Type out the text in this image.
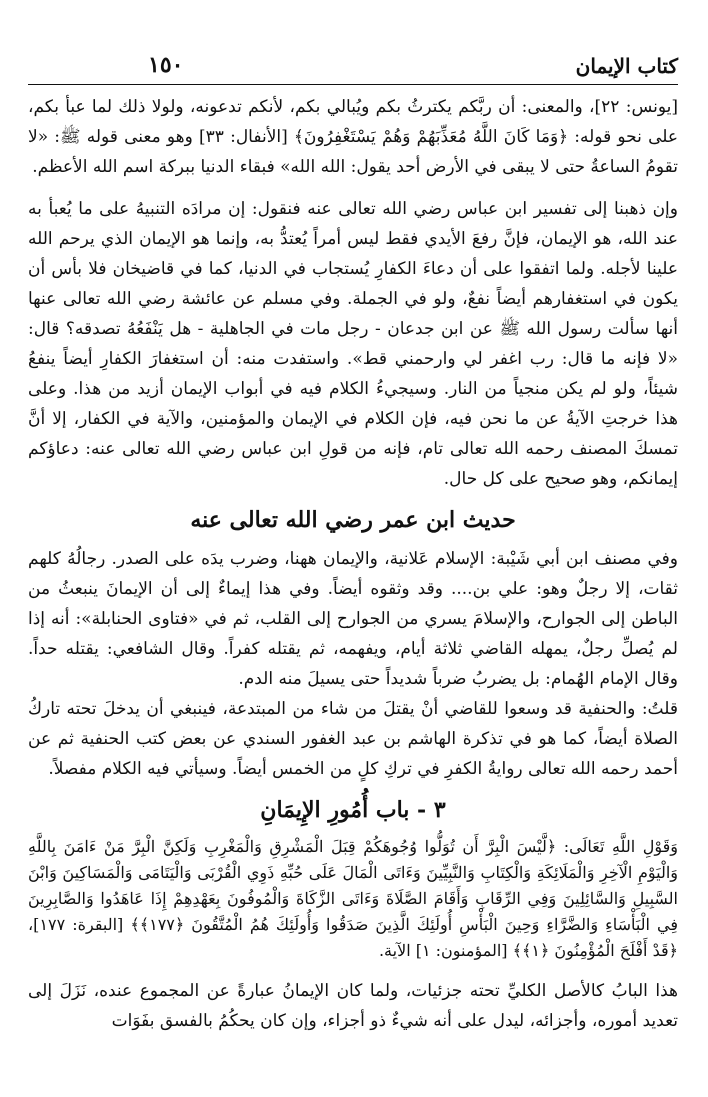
كتاب الإيمان
١٥٠

[يونس: ٢٢]، والمعنى: أن ربَّكم يكترثُ بكم ويُبالي بكم، لأنكم تدعونه، ولولا ذلك لما عبأ بكم، على نحو قوله: ﴿وَمَا كَانَ اللَّهُ مُعَذِّبَهُمْ وَهُمْ يَسْتَغْفِرُونَ﴾ [الأنفال: ٣٣] وهو معنى قوله ﷺ: «لا تقومُ الساعةُ حتى لا يبقى في الأرض أحد يقول: الله الله» فبقاء الدنيا ببركة اسم الله الأعظم.

وإن ذهبنا إلى تفسير ابن عباس رضي الله تعالى عنه فنقول: إن مرادَه التنبيهُ على ما يُعبأ به عند الله، هو الإيمان، فإنَّ رفعَ الأيدي فقط ليس أمراً يُعتدُّ به، وإنما هو الإيمان الذي يرحم الله علينا لأجله. ولما اتفقوا على أن دعاءَ الكفارِ يُستجاب في الدنيا، كما في قاضيخان فلا بأس أن يكون في استغفارهم أيضاً نفعٌ، ولو في الجملة. وفي مسلم عن عائشة رضي الله تعالى عنها أنها سألت رسول الله ﷺ عن ابن جدعان - رجل مات في الجاهلية - هل يَنْفَعُهُ تصدقه؟ قال: «لا فإنه ما قال: رب اغفر لي وارحمني قط». واستفدت منه: أن استغفارَ الكفارِ أيضاً ينفعُ شيئاً، ولو لم يكن منجياً من النار. وسيجيءُ الكلام فيه في أبواب الإيمان أزيد من هذا. وعلى هذا خرجتِ الآيةُ عن ما نحن فيه، فإن الكلام في الإيمان والمؤمنين، والآية في الكفار، إلا أنَّ تمسكَ المصنف رحمه الله تعالى تام، فإنه من قولِ ابن عباس رضي الله تعالى عنه: دعاؤكم إيمانكم، وهو صحيح على كل حال.

حديث ابن عمر رضي الله تعالى عنه

وفي مصنف ابن أبي شَيْبة: الإسلام عَلانية، والإيمان ههنا، وضرب يدَه على الصدر. رجالُهُ كلهم ثقات، إلا رجلٌ وهو: علي بن.... وقد وثقوه أيضاً. وفي هذا إيماءٌ إلى أن الإيمانَ ينبعثُ من الباطن إلى الجوارح، والإسلامَ يسري من الجوارح إلى القلب، ثم في «فتاوى الحنابلة»: أنه إذا لم يُصلِّ رجلٌ، يمهله القاضي ثلاثة أيام، ويفهمه، ثم يقتله كفراً. وقال الشافعي: يقتله حداً. وقال الإمام الهُمام: بل يضربُ ضرباً شديداً حتى يسيلَ منه الدم.

قلتُ: والحنفية قد وسعوا للقاضي أنْ يقتلَ من شاء من المبتدعة، فينبغي أن يدخلَ تحته تاركُ الصلاة أيضاً، كما هو في تذكرة الهاشم بن عبد الغفور السندي عن بعض كتب الحنفية ثم عن أحمد رحمه الله تعالى روايةُ الكفرِ في تركِ كلٍ من الخمس أيضاً. وسيأتي فيه الكلام مفصلاً.

٣ - باب أُمُورِ الإِيمَانِ

وَقَوْلِ اللَّهِ تَعَالَى: ﴿لَّيْسَ الْبِرَّ أَن تُوَلُّوا وُجُوهَكُمْ قِبَلَ الْمَشْرِقِ وَالْمَغْرِبِ وَلَكِنَّ الْبِرَّ مَنْ ءَامَنَ بِاللَّهِ وَالْيَوْمِ الْآخِرِ وَالْمَلَائِكَةِ وَالْكِتَابِ وَالنَّبِيِّينَ وَءَاتَى الْمَالَ عَلَى حُبِّهِ ذَوِي الْقُرْبَى وَالْيَتَامَى وَالْمَسَاكِينَ وَابْنَ السَّبِيلِ وَالسَّائِلِينَ وَفِي الرِّقَابِ وَأَقَامَ الصَّلَاةَ وَءَاتَى الزَّكَاةَ وَالْمُوفُونَ بِعَهْدِهِمْ إِذَا عَاهَدُوا وَالصَّابِرِينَ فِي الْبَأْسَاءِ وَالضَّرَّاءِ وَحِينَ الْبَأْسِ أُولَئِكَ الَّذِينَ صَدَقُوا وَأُولَئِكَ هُمُ الْمُتَّقُونَ ﴿١٧٧﴾﴾ [البقرة: ١٧٧]، ﴿قَدْ أَفْلَحَ الْمُؤْمِنُونَ ﴿١﴾﴾ [المؤمنون: ١] الآية.

هذا البابُ كالأصل الكليِّ تحته جزئيات، ولما كان الإيمانُ عبارةً عن المجموع عنده، نَزَلَ إلى تعديد أموره، وأجزائه، ليدل على أنه شيءٌ ذو أجزاء، وإن كان يحكُمُ بالفسق بفَوَات
